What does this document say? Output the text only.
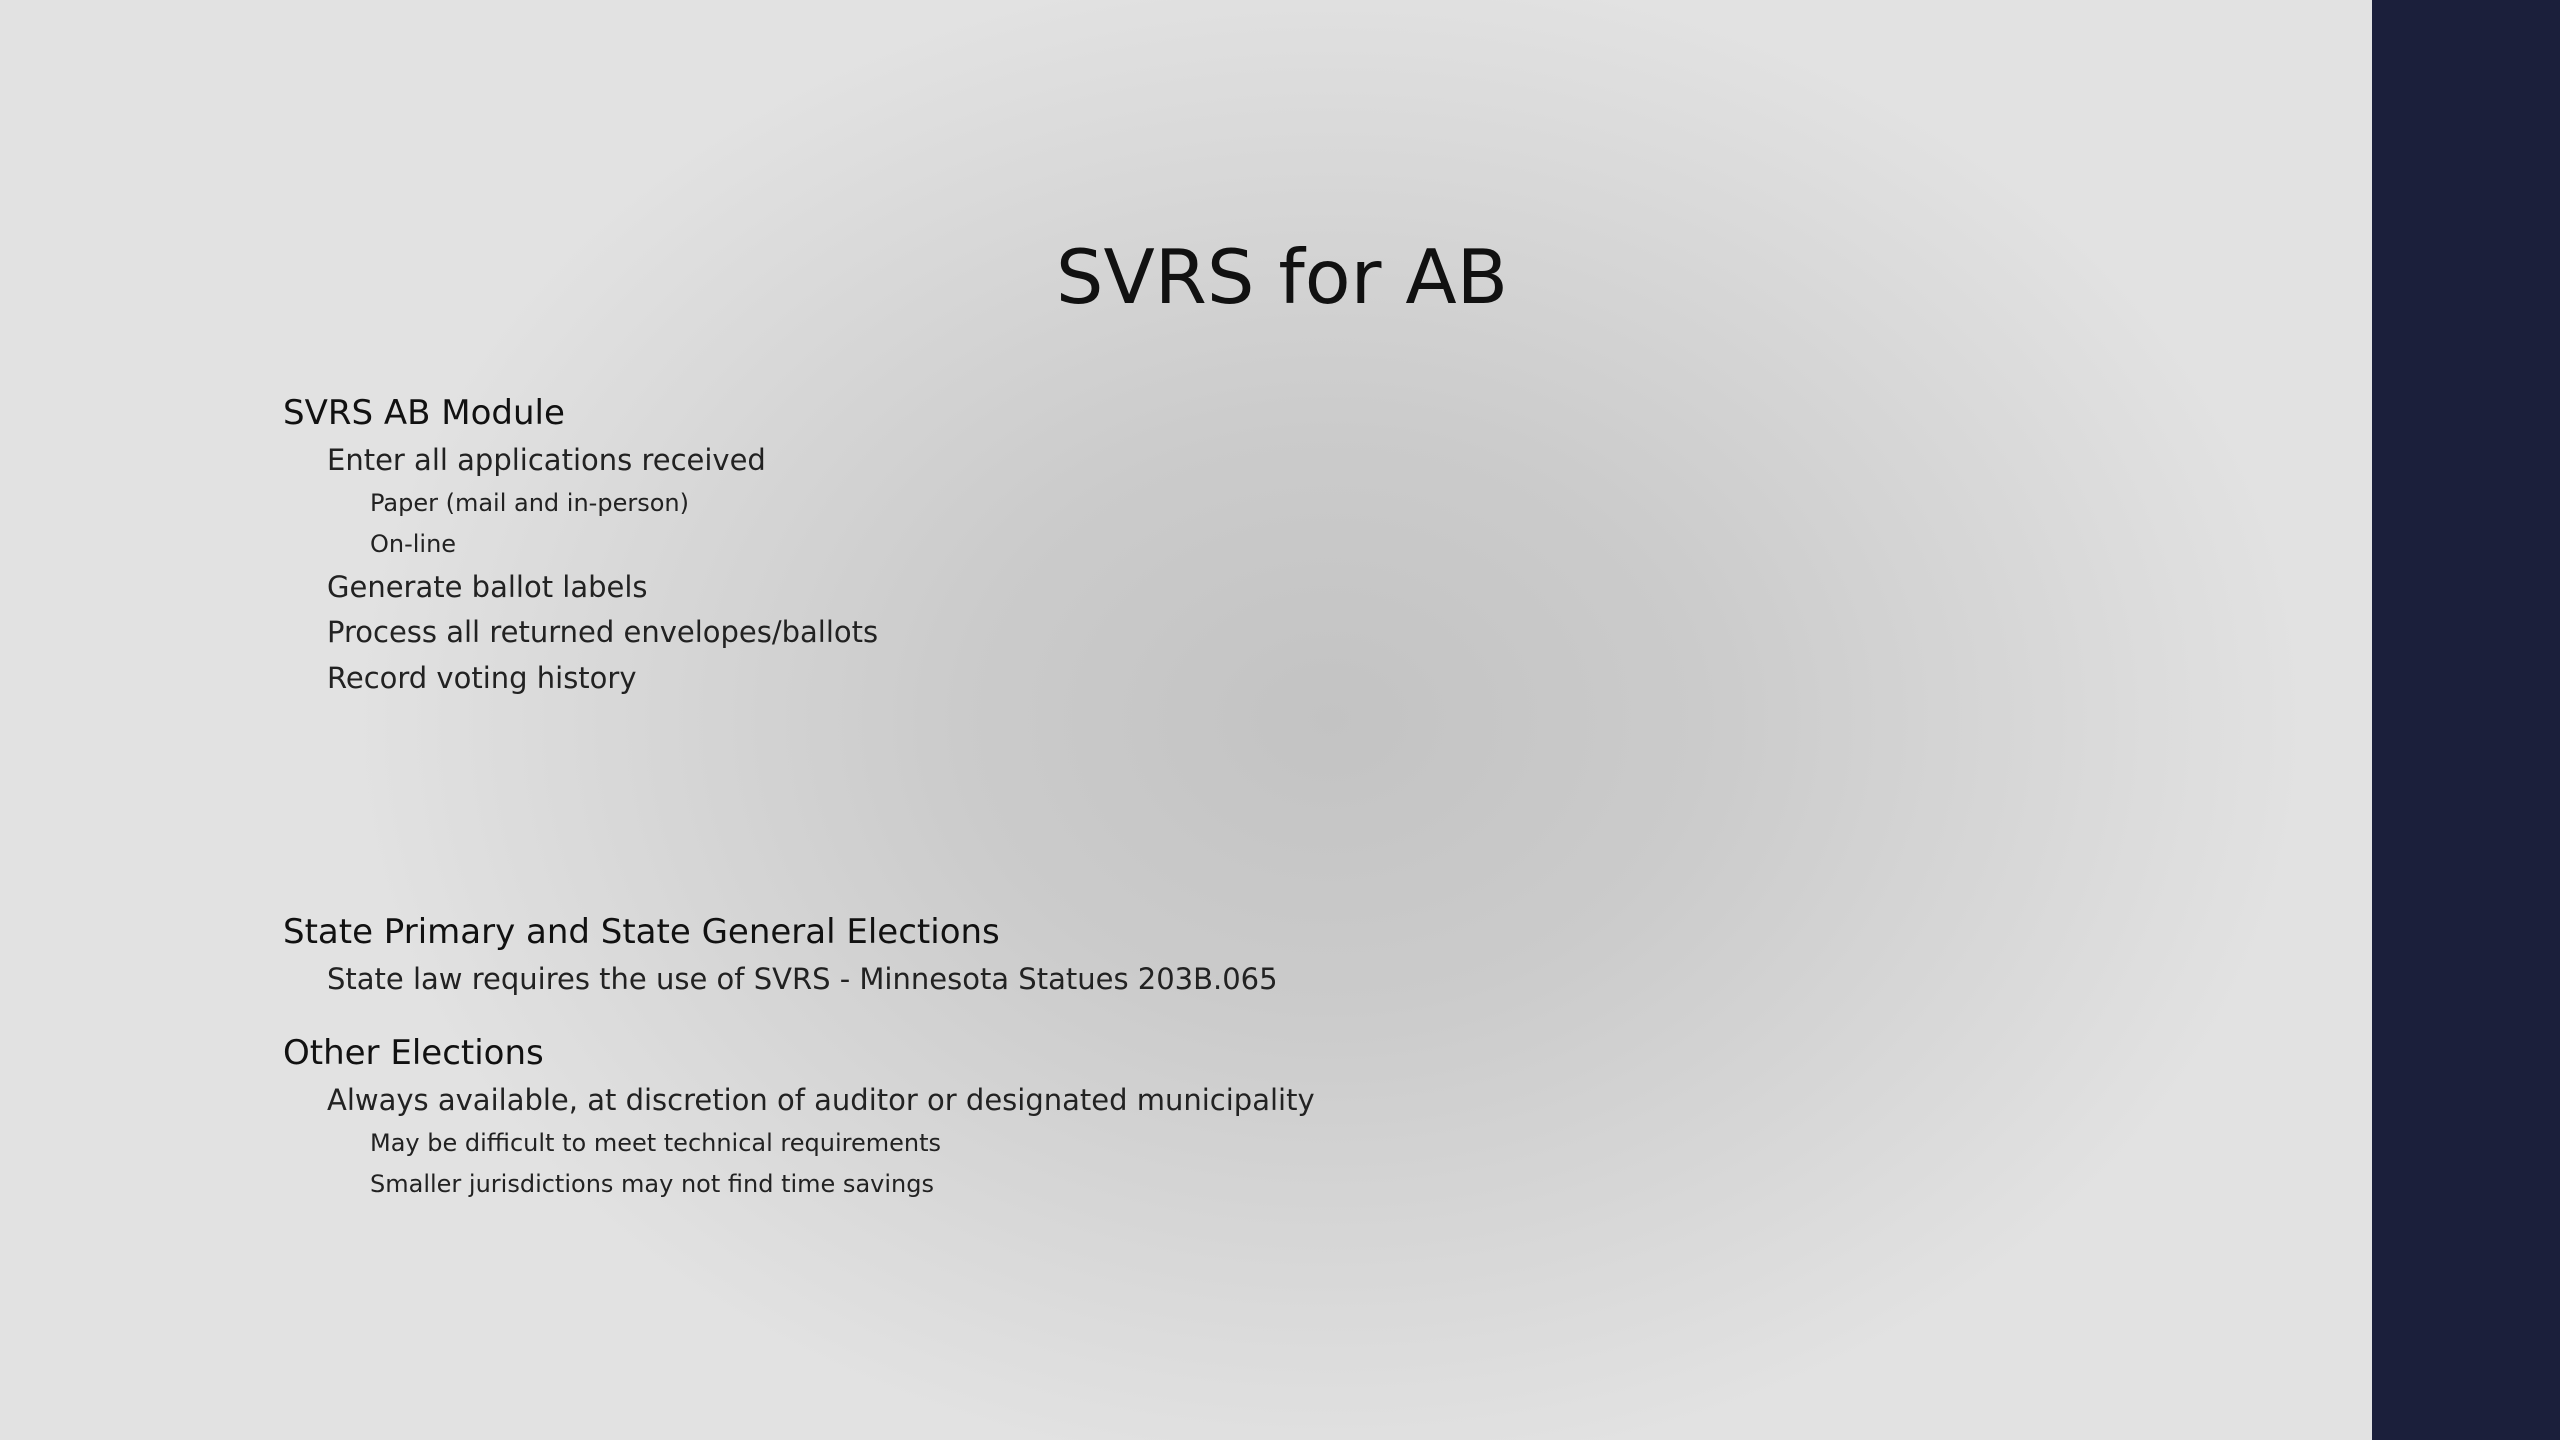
SVRS for AB
SVRS AB Module
Enter all applications received
Paper (mail and in-person)
On-line
Generate ballot labels
Process all returned envelopes/ballots
Record voting history
State Primary and State General Elections
State law requires the use of SVRS - Minnesota Statues 203B.065
Other Elections
Always available, at discretion of auditor or designated municipality
May be difficult to meet technical requirements
Smaller jurisdictions may not find time savings
